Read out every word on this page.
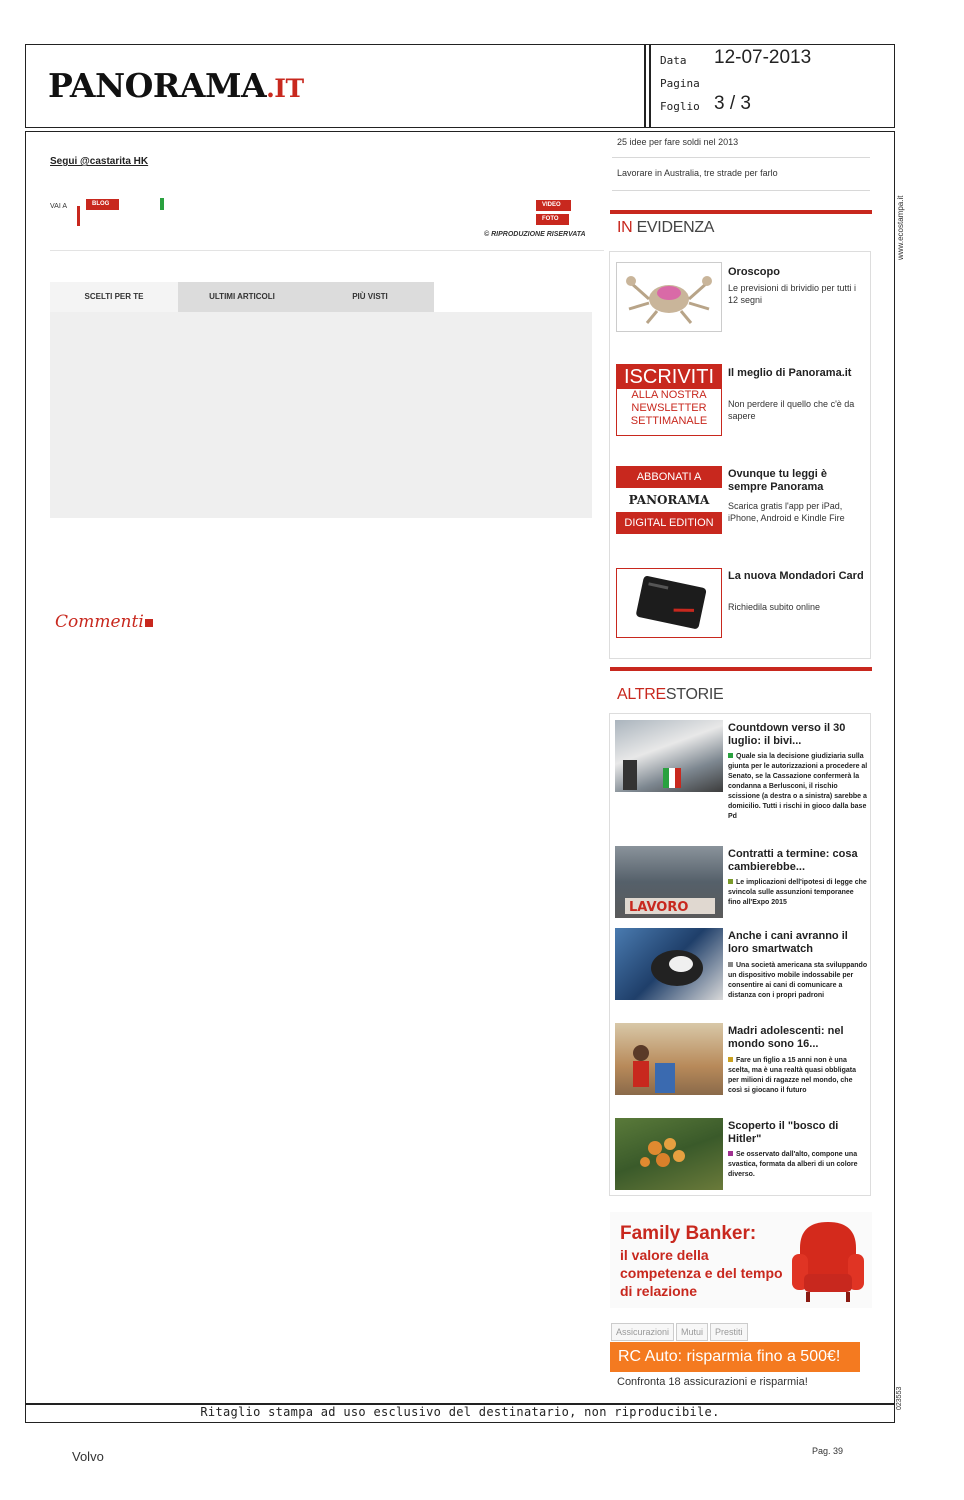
PANORAMA.IT
Data 12-07-2013
Pagina
Foglio 3 / 3
Ritaglio stampa ad uso esclusivo del destinatario, non riproducibile.
www.ecostampa.it
023553
Segui @castarita HK
VAI A	BLOG	VIDEO
FOTO
© RIPRODUZIONE RISERVATA
SCELTI PER TE	ULTIMI ARTICOLI	PIÙ VISTI
Commenti
25 idee per fare soldi nel 2013
Lavorare in Australia, tre strade per farlo
IN EVIDENZA
Oroscopo
Le previsioni di brividio per tutti i 12 segni
ISCRIVITI
ALLA NOSTRA
NEWSLETTER
SETTIMANALE
Il meglio di Panorama.it
Non perdere il quello che c'è da sapere
ABBONATI A
PANORAMA
DIGITAL EDITION
Ovunque tu leggi è sempre Panorama
Scarica gratis l'app per iPad, iPhone, Android e Kindle Fire
La nuova Mondadori Card
Richiedila subito online
ALTRESTORIE
Countdown verso il 30 luglio: il bivi...
Quale sia la decisione giudiziaria sulla giunta per le autorizzazioni a procedere al Senato, se la Cassazione confermerà la condanna a Berlusconi, il rischio scissione (a destra o a sinistra) sarebbe a domicilio. Tutti i rischi in gioco dalla base Pd
LAVORO
Contratti a termine: cosa cambierebbe...
Le implicazioni dell'ipotesi di legge che svincola sulle assunzioni temporanee fino all'Expo 2015
Anche i cani avranno il loro smartwatch
Una società americana sta sviluppando un dispositivo mobile indossabile per consentire ai cani di comunicare a distanza con i propri padroni
Madri adolescenti: nel mondo sono 16...
Fare un figlio a 15 anni non è una scelta, ma è una realtà quasi obbligata per milioni di ragazze nel mondo, che così si giocano il futuro
Scoperto il "bosco di Hitler"
Se osservato dall'alto, compone una svastica, formata da alberi di un colore diverso.
Family Banker:
il valore della competenza e del tempo di relazione
Assicurazioni	Mutui	Prestiti
RC Auto: risparmia fino a 500€!
Confronta 18 assicurazioni e risparmia!
Volvo	Pag. 39
